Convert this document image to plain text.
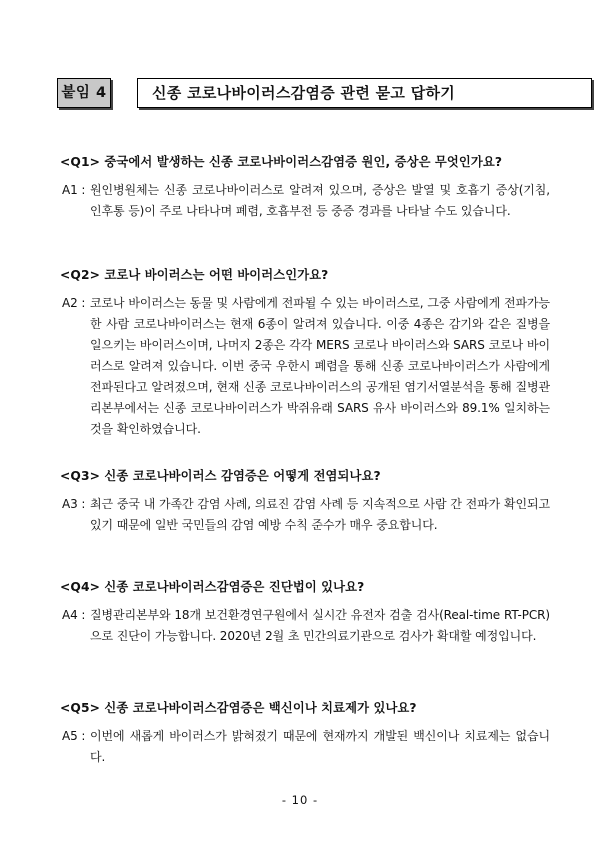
붙임 4	신종 코로나바이러스감염증 관련 묻고 답하기
<Q1> 중국에서 발생하는 신종 코로나바이러스감염증 원인, 증상은 무엇인가요?
A1 : 원인병원체는 신종 코로나바이러스로 알려져 있으며, 증상은 발열 및 호흡기 증상(기침, 인후통 등)이 주로 나타나며 폐렴, 호흡부전 등 중증 경과를 나타날 수도 있습니다.
<Q2> 코로나 바이러스는 어떤 바이러스인가요?
A2 : 코로나 바이러스는 동물 및 사람에게 전파될 수 있는 바이러스로, 그중 사람에게 전파가능한 사람 코로나바이러스는 현재 6종이 알려져 있습니다. 이중 4종은 감기와 같은 질병을 일으키는 바이러스이며, 나머지 2종은 각각 MERS 코로나 바이러스와 SARS 코로나 바이러스로 알려져 있습니다. 이번 중국 우한시 폐렴을 통해 신종 코로나바이러스가 사람에게 전파된다고 알려졌으며, 현재 신종 코로나바이러스의 공개된 염기서열분석을 통해 질병관리본부에서는 신종 코로나바이러스가 박쥐유래 SARS 유사 바이러스와 89.1% 일치하는 것을 확인하였습니다.
<Q3> 신종 코로나바이러스 감염증은 어떻게 전염되나요?
A3 : 최근 중국 내 가족간 감염 사례, 의료진 감염 사례 등 지속적으로 사람 간 전파가 확인되고 있기 때문에 일반 국민들의 감염 예방 수칙 준수가 매우 중요합니다.
<Q4> 신종 코로나바이러스감염증은 진단법이 있나요?
A4 : 질병관리본부와 18개 보건환경연구원에서 실시간 유전자 검출 검사(Real-time RT-PCR)으로 진단이 가능합니다. 2020년 2월 초 민간의료기관으로 검사가 확대할 예정입니다.
<Q5> 신종 코로나바이러스감염증은 백신이나 치료제가 있나요?
A5 : 이번에 새롭게 바이러스가 밝혀졌기 때문에 현재까지 개발된 백신이나 치료제는 없습니다.
- 10 -
